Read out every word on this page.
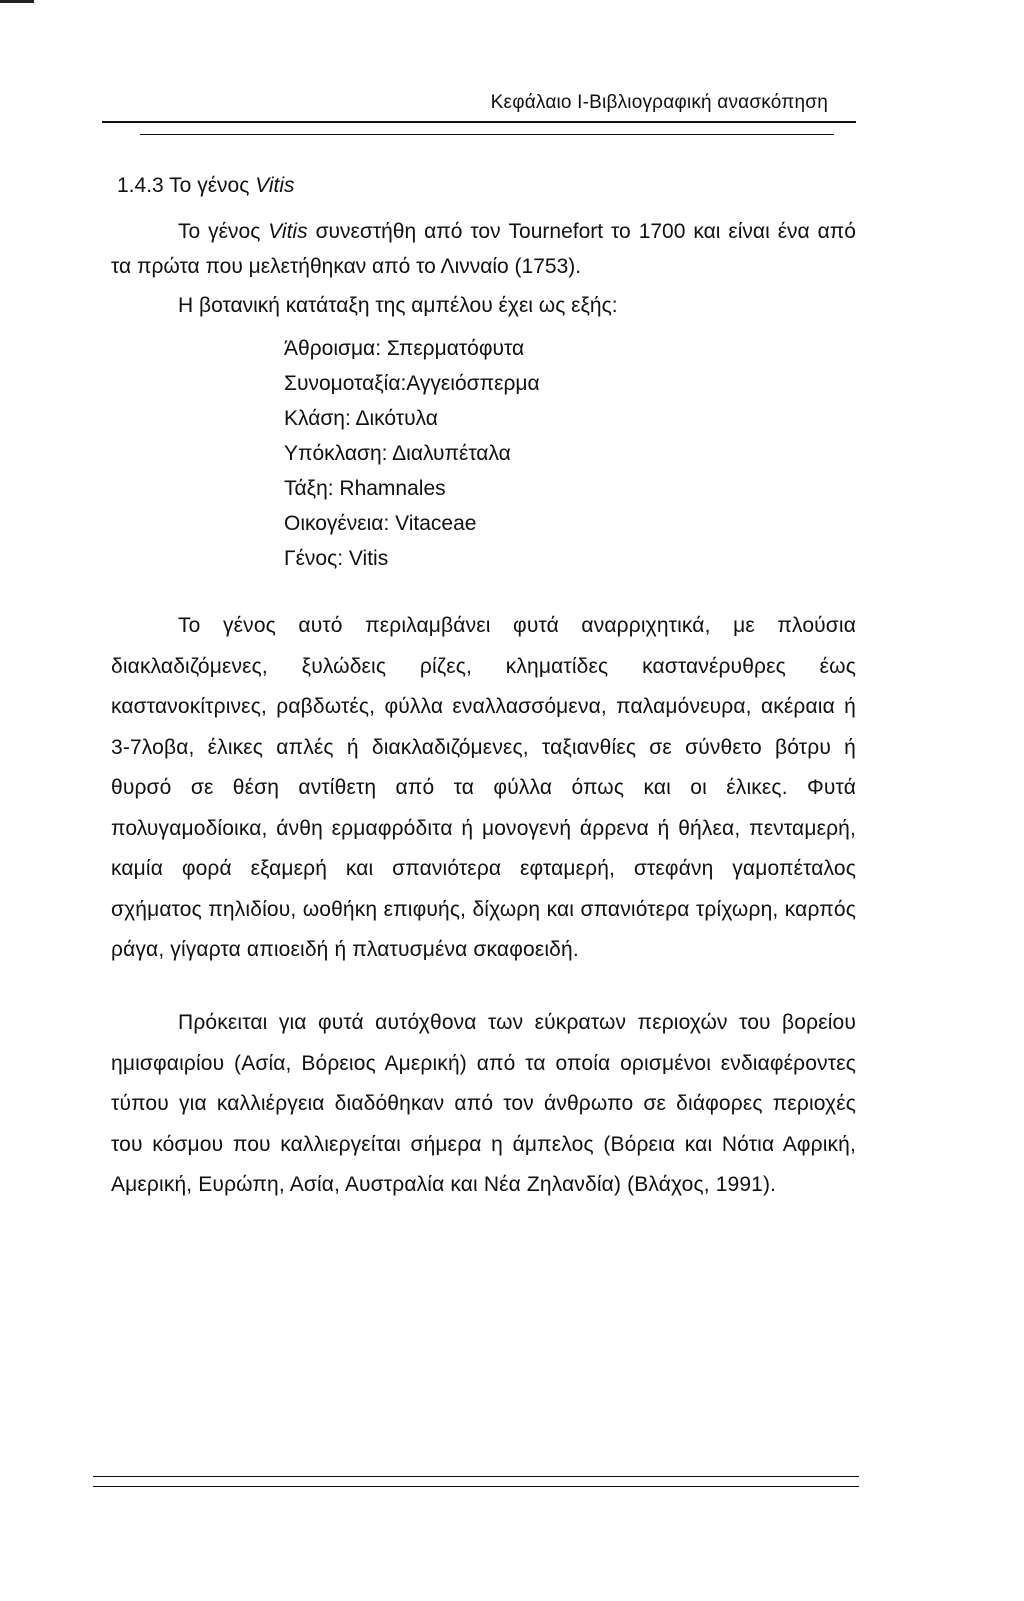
Κεφάλαιο Ι-Βιβλιογραφική ανασκόπηση
1.4.3 Το γένος Vitis

Το γένος Vitis συνεστήθη από τον Tournefort το 1700 και είναι ένα από τα πρώτα που μελετήθηκαν από το Λινναίο (1753).

Η βοτανική κατάταξη της αμπέλου έχει ως εξής:

Άθροισμα: Σπερματόφυτα
Συνομοταξία:Αγγειόσπερμα
Κλάση: Δικότυλα
Υπόκλαση: Διαλυπέταλα
Τάξη: Rhamnales
Οικογένεια: Vitaceae
Γένος: Vitis

Το γένος αυτό περιλαμβάνει φυτά αναρριχητικά, με πλούσια διακλαδιζόμενες, ξυλώδεις ρίζες, κληματίδες καστανέρυθρες έως καστανοκίτρινες, ραβδωτές, φύλλα εναλλασσόμενα, παλαμόνευρα, ακέραια ή 3-7λοβα, έλικες απλές ή διακλαδιζόμενες, ταξιανθίες σε σύνθετο βότρυ ή θυρσό σε θέση αντίθετη από τα φύλλα όπως και οι έλικες. Φυτά πολυγαμοδίοικα, άνθη ερμαφρόδιτα ή μονογενή άρρενα ή θήλεα, πενταμερή, καμία φορά εξαμερή και σπανιότερα εφταμερή, στεφάνη γαμοπέταλος σχήματος πηλιδίου, ωοθήκη επιφυής, δίχωρη και σπανιότερα τρίχωρη, καρπός ράγα, γίγαρτα απιοειδή ή πλατυσμένα σκαφοειδή.

Πρόκειται για φυτά αυτόχθονα των εύκρατων περιοχών του βορείου ημισφαιρίου (Ασία, Βόρειος Αμερική) από τα οποία ορισμένοι ενδιαφέροντες τύπου για καλλιέργεια διαδόθηκαν από τον άνθρωπο σε διάφορες περιοχές του κόσμου που καλλιεργείται σήμερα η άμπελος (Βόρεια και Νότια Αφρική, Αμερική, Ευρώπη, Ασία, Αυστραλία και Νέα Ζηλανδία) (Βλάχος, 1991).
